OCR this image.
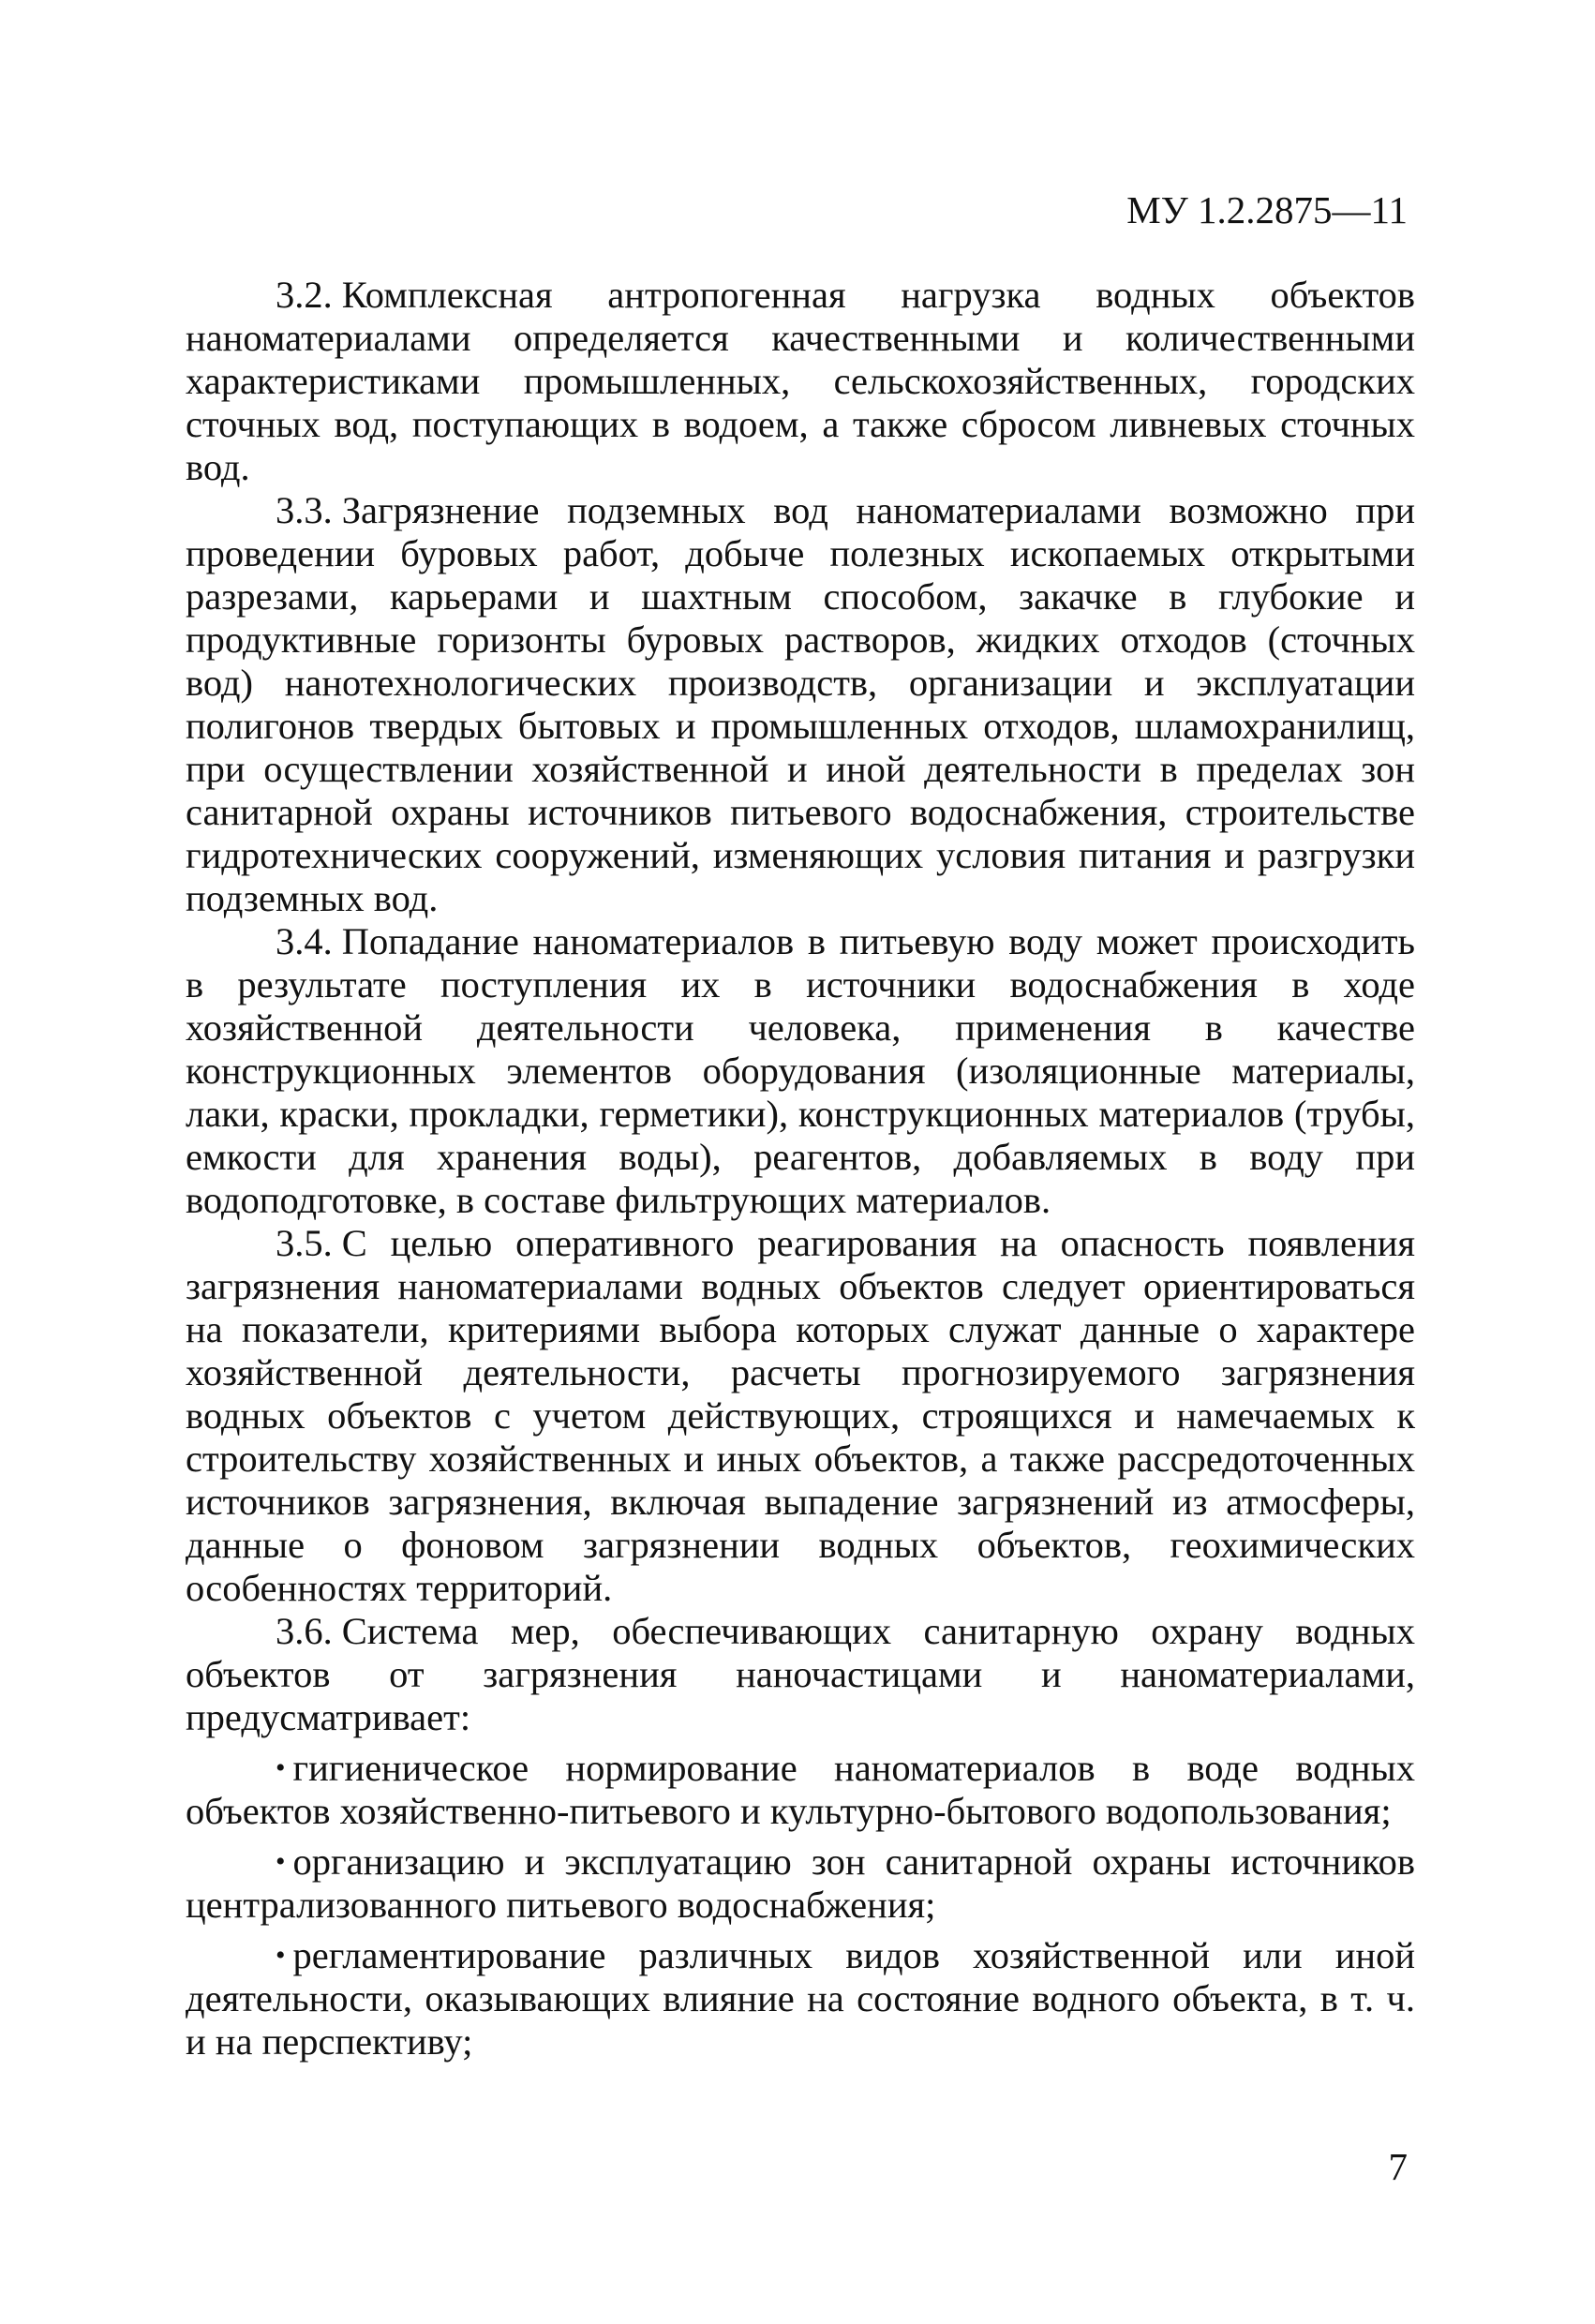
МУ 1.2.2875—11

3.2. Комплексная антропогенная нагрузка водных объектов наноматериалами определяется качественными и количественными характеристиками промышленных, сельскохозяйственных, городских сточных вод, поступающих в водоем, а также сбросом ливневых сточных вод.

3.3. Загрязнение подземных вод наноматериалами возможно при проведении буровых работ, добыче полезных ископаемых открытыми разрезами, карьерами и шахтным способом, закачке в глубокие и продуктивные горизонты буровых растворов, жидких отходов (сточных вод) нанотехнологических производств, организации и эксплуатации полигонов твердых бытовых и промышленных отходов, шламохранилищ, при осуществлении хозяйственной и иной деятельности в пределах зон санитарной охраны источников питьевого водоснабжения, строительстве гидротехнических сооружений, изменяющих условия питания и разгрузки подземных вод.

3.4. Попадание наноматериалов в питьевую воду может происходить в результате поступления их в источники водоснабжения в ходе хозяйственной деятельности человека, применения в качестве конструкционных элементов оборудования (изоляционные материалы, лаки, краски, прокладки, герметики), конструкционных материалов (трубы, емкости для хранения воды), реагентов, добавляемых в воду при водоподготовке, в составе фильтрующих материалов.

3.5. С целью оперативного реагирования на опасность появления загрязнения наноматериалами водных объектов следует ориентироваться на показатели, критериями выбора которых служат данные о характере хозяйственной деятельности, расчеты прогнозируемого загрязнения водных объектов с учетом действующих, строящихся и намечаемых к строительству хозяйственных и иных объектов, а также рассредоточенных источников загрязнения, включая выпадение загрязнений из атмосферы, данные о фоновом загрязнении водных объектов, геохимических особенностях территорий.

3.6. Система мер, обеспечивающих санитарную охрану водных объектов от загрязнения наночастицами и наноматериалами, предусматривает:

• гигиеническое нормирование наноматериалов в воде водных объектов хозяйственно-питьевого и культурно-бытового водопользования;

• организацию и эксплуатацию зон санитарной охраны источников централизованного питьевого водоснабжения;

• регламентирование различных видов хозяйственной или иной деятельности, оказывающих влияние на состояние водного объекта, в т. ч. и на перспективу;

7
